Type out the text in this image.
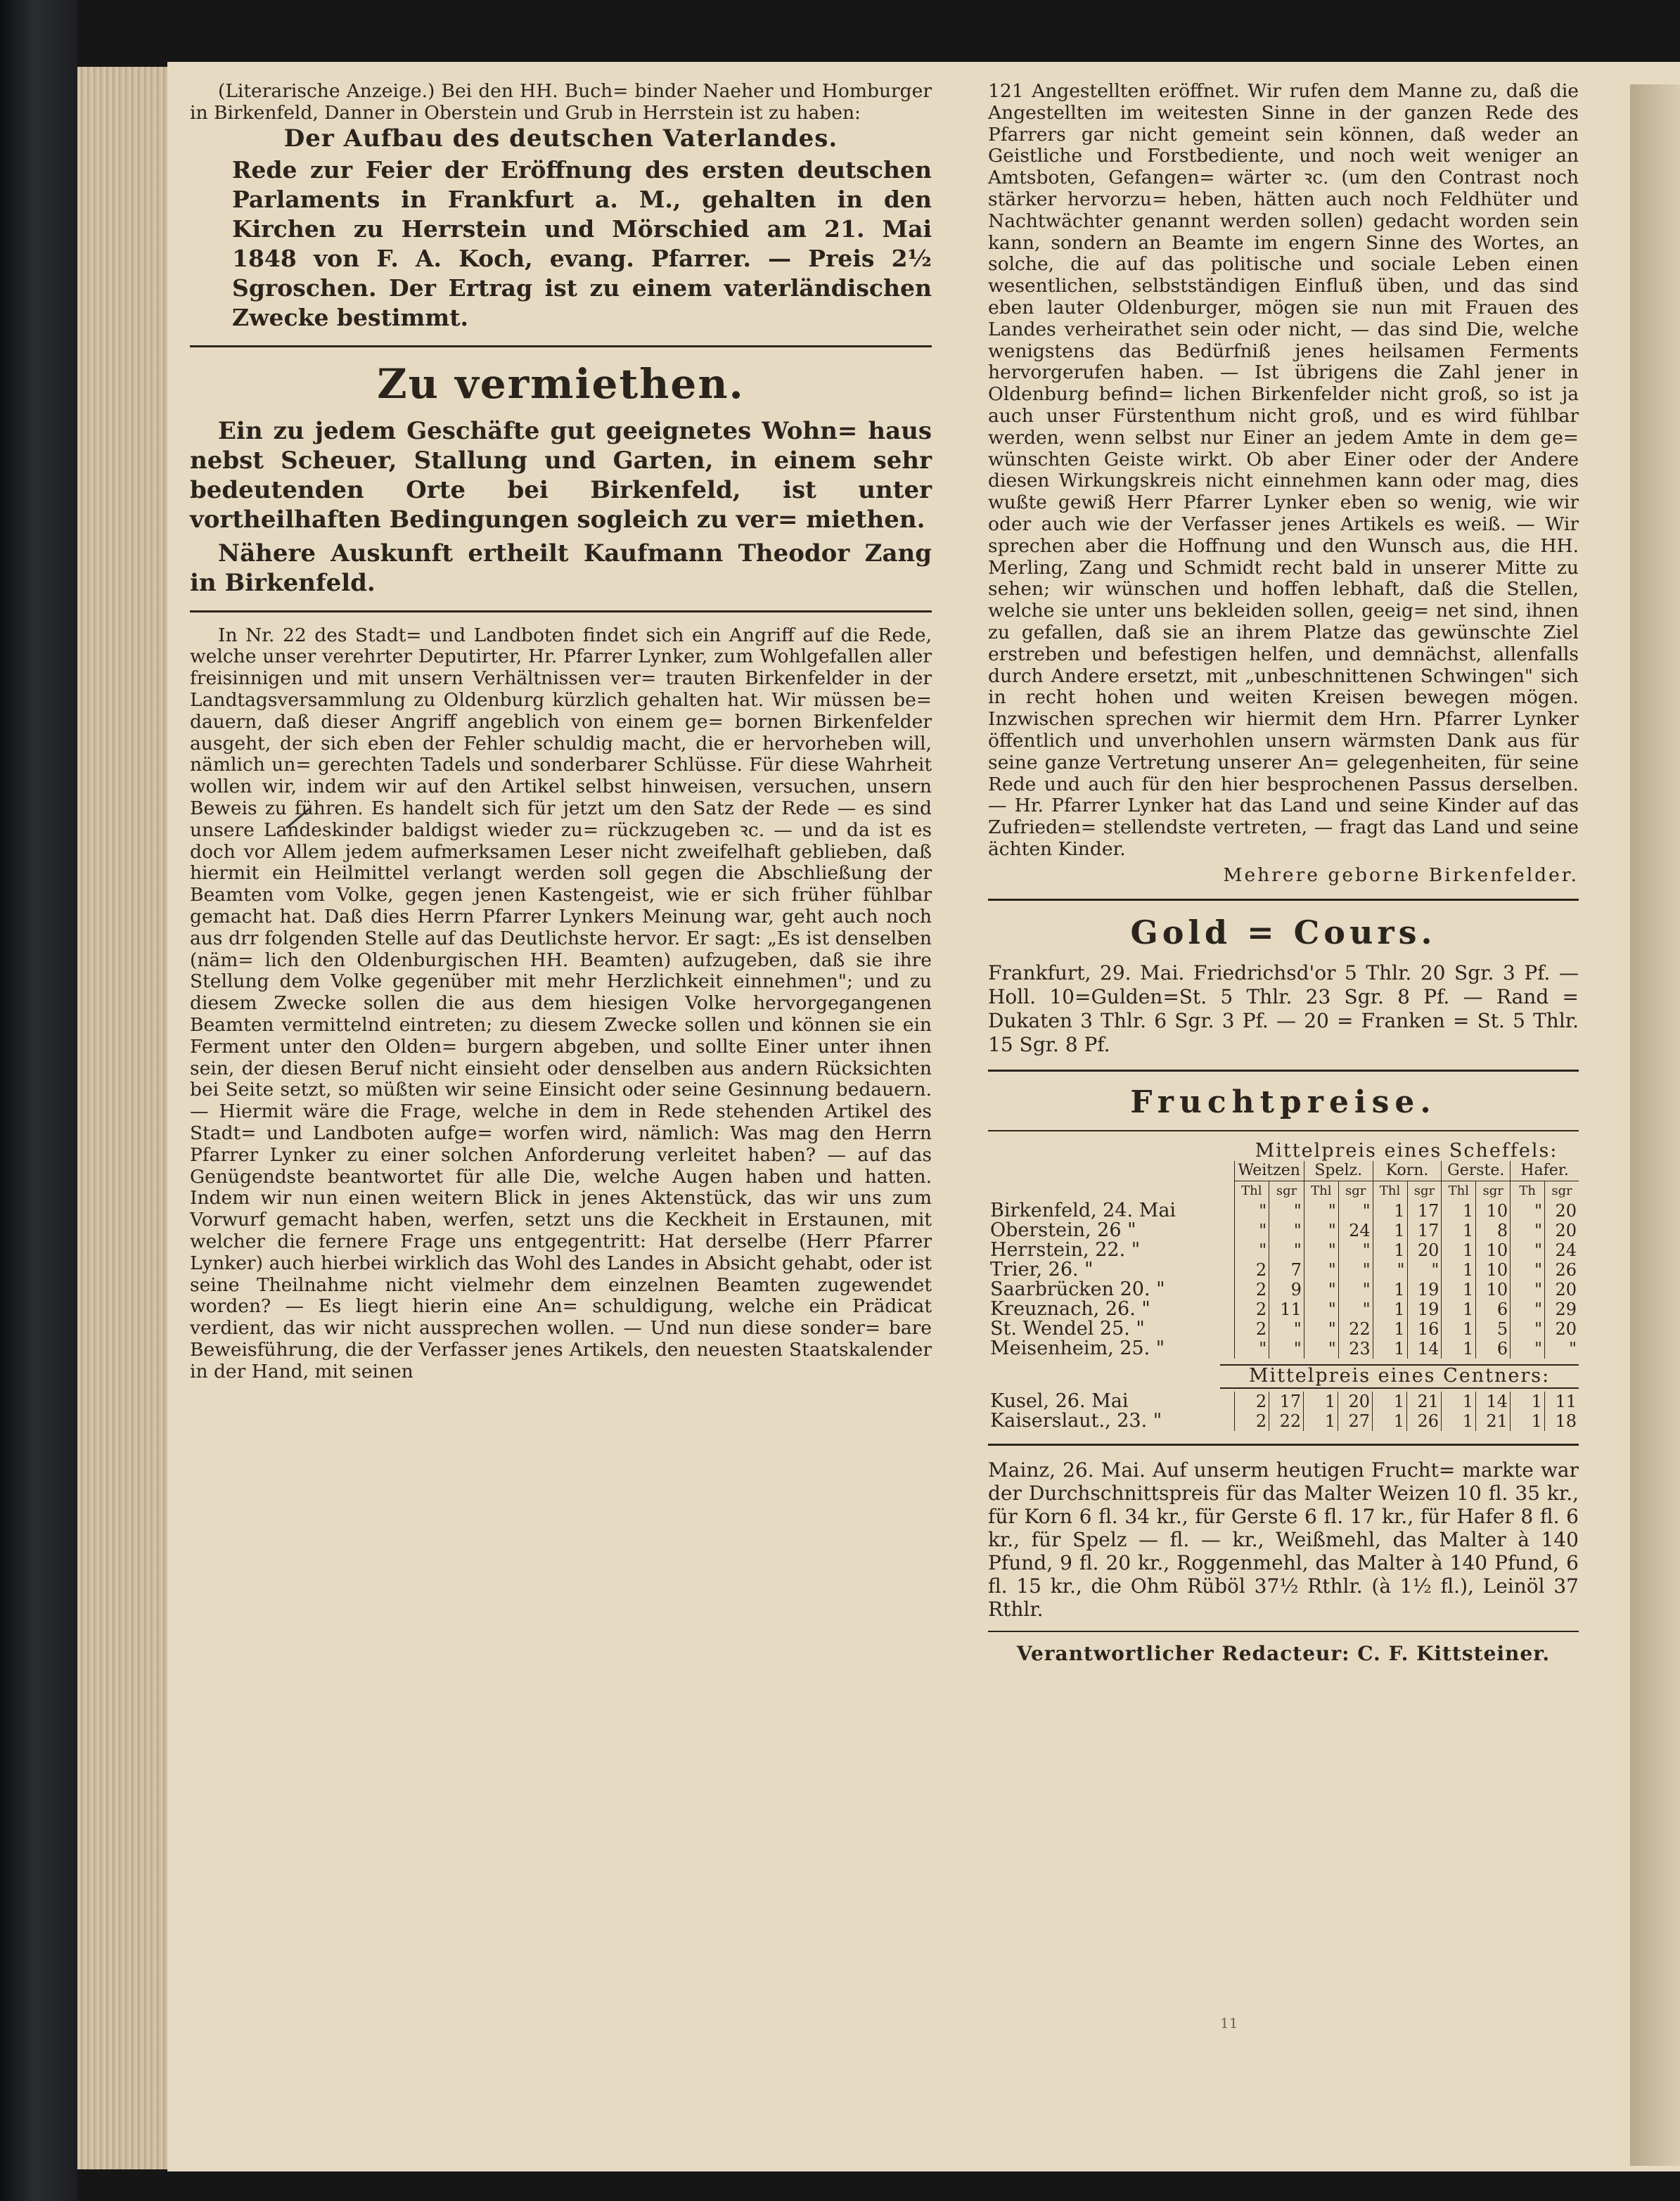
(Literarische Anzeige.) Bei den HH. Buch= binder Naeher und Homburger in Birkenfeld, Danner in Oberstein und Grub in Herrstein ist zu haben:
Der Aufbau des deutschen Vaterlandes.
Rede zur Feier der Eröffnung des ersten deutschen Parlaments in Frankfurt a. M., gehalten in den Kirchen zu Herrstein und Mörschied am 21. Mai 1848 von F. A. Koch, evang. Pfarrer. — Preis 2½ Sgroschen. Der Ertrag ist zu einem vaterländischen Zwecke bestimmt.
Zu vermiethen.
Ein zu jedem Geschäfte gut geeignetes Wohn= haus nebst Scheuer, Stallung und Garten, in einem sehr bedeutenden Orte bei Birkenfeld, ist unter vortheilhaften Bedingungen sogleich zu ver= miethen.
Nähere Auskunft ertheilt Kaufmann Theodor Zang in Birkenfeld.
In Nr. 22 des Stadt= und Landboten findet sich ein Angriff auf die Rede, welche unser verehrter Deputirter, Hr. Pfarrer Lynker, zum Wohlgefallen aller freisinnigen und mit unsern Verhältnissen ver= trauten Birkenfelder in der Landtagsversammlung zu Oldenburg kürzlich gehalten hat. Wir müssen be= dauern, daß dieser Angriff angeblich von einem ge= bornen Birkenfelder ausgeht, der sich eben der Fehler schuldig macht, die er hervorheben will, nämlich un= gerechten Tadels und sonderbarer Schlüsse. Für diese Wahrheit wollen wir, indem wir auf den Artikel selbst hinweisen, versuchen, unsern Beweis zu führen. Es handelt sich für jetzt um den Satz der Rede — es sind unsere Landeskinder baldigst wieder zu= rückzugeben ꝛc. — und da ist es doch vor Allem jedem aufmerksamen Leser nicht zweifelhaft geblieben, daß hiermit ein Heilmittel verlangt werden soll gegen die Abschließung der Beamten vom Volke, gegen jenen Kastengeist, wie er sich früher fühlbar gemacht hat. Daß dies Herrn Pfarrer Lynkers Meinung war, geht auch noch aus drr folgenden Stelle auf das Deutlichste hervor. Er sagt: „Es ist denselben (näm= lich den Oldenburgischen HH. Beamten) aufzugeben, daß sie ihre Stellung dem Volke gegenüber mit mehr Herzlichkeit einnehmen"; und zu diesem Zwecke sollen die aus dem hiesigen Volke hervorgegangenen Beamten vermittelnd eintreten; zu diesem Zwecke sollen und können sie ein Ferment unter den Olden= burgern abgeben, und sollte Einer unter ihnen sein, der diesen Beruf nicht einsieht oder denselben aus andern Rücksichten bei Seite setzt, so müßten wir seine Einsicht oder seine Gesinnung bedauern. — Hiermit wäre die Frage, welche in dem in Rede stehenden Artikel des Stadt= und Landboten aufge= worfen wird, nämlich: Was mag den Herrn Pfarrer Lynker zu einer solchen Anforderung verleitet haben? — auf das Genügendste beantwortet für alle Die, welche Augen haben und hatten. Indem wir nun einen weitern Blick in jenes Aktenstück, das wir uns zum Vorwurf gemacht haben, werfen, setzt uns die Keckheit in Erstaunen, mit welcher die fernere Frage uns entgegentritt: Hat derselbe (Herr Pfarrer Lynker) auch hierbei wirklich das Wohl des Landes in Absicht gehabt, oder ist seine Theilnahme nicht vielmehr dem einzelnen Beamten zugewendet worden? — Es liegt hierin eine An= schuldigung, welche ein Prädicat verdient, das wir nicht aussprechen wollen. — Und nun diese sonder= bare Beweisführung, die der Verfasser jenes Artikels, den neuesten Staatskalender in der Hand, mit seinen
121 Angestellten eröffnet. Wir rufen dem Manne zu, daß die Angestellten im weitesten Sinne in der ganzen Rede des Pfarrers gar nicht gemeint sein können, daß weder an Geistliche und Forstbediente, und noch weit weniger an Amtsboten, Gefangen= wärter ꝛc. (um den Contrast noch stärker hervorzu= heben, hätten auch noch Feldhüter und Nachtwächter genannt werden sollen) gedacht worden sein kann, sondern an Beamte im engern Sinne des Wortes, an solche, die auf das politische und sociale Leben einen wesentlichen, selbstständigen Einfluß üben, und das sind eben lauter Oldenburger, mögen sie nun mit Frauen des Landes verheirathet sein oder nicht, — das sind Die, welche wenigstens das Bedürfniß jenes heilsamen Ferments hervorgerufen haben. — Ist übrigens die Zahl jener in Oldenburg befind= lichen Birkenfelder nicht groß, so ist ja auch unser Fürstenthum nicht groß, und es wird fühlbar werden, wenn selbst nur Einer an jedem Amte in dem ge= wünschten Geiste wirkt. Ob aber Einer oder der Andere diesen Wirkungskreis nicht einnehmen kann oder mag, dies wußte gewiß Herr Pfarrer Lynker eben so wenig, wie wir oder auch wie der Verfasser jenes Artikels es weiß. — Wir sprechen aber die Hoffnung und den Wunsch aus, die HH. Merling, Zang und Schmidt recht bald in unserer Mitte zu sehen; wir wünschen und hoffen lebhaft, daß die Stellen, welche sie unter uns bekleiden sollen, geeig= net sind, ihnen zu gefallen, daß sie an ihrem Platze das gewünschte Ziel erstreben und befestigen helfen, und demnächst, allenfalls durch Andere ersetzt, mit „unbeschnittenen Schwingen" sich in recht hohen und weiten Kreisen bewegen mögen. Inzwischen sprechen wir hiermit dem Hrn. Pfarrer Lynker öffentlich und unverhohlen unsern wärmsten Dank aus für seine ganze Vertretung unserer An= gelegenheiten, für seine Rede und auch für den hier besprochenen Passus derselben. — Hr. Pfarrer Lynker hat das Land und seine Kinder auf das Zufrieden= stellendste vertreten, — fragt das Land und seine ächten Kinder.
Mehrere geborne Birkenfelder.
Gold = Cours.
Frankfurt, 29. Mai. Friedrichsd'or 5 Thlr. 20 Sgr. 3 Pf. — Holl. 10=Gulden=St. 5 Thlr. 23 Sgr. 8 Pf. — Rand = Dukaten 3 Thlr. 6 Sgr. 3 Pf. — 20 = Franken = St. 5 Thlr. 15 Sgr. 8 Pf.
Fruchtpreise.
	Mittelpreis eines Scheffels:									
	Weitzen		Spelz.		Korn.		Gerste.		Hafer.	
	Thl	sgr	Thl	sgr	Thl	sgr	Thl	sgr	Th	sgr
Birkenfeld, 24. Mai	"	"	"	"	1	17	1	10	"	20
Oberstein, 26 "	"	"	"	24	1	17	1	8	"	20
Herrstein, 22. "	"	"	"	"	1	20	1	10	"	24
Trier, 26. "	2	7	"	"	"	"	1	10	"	26
Saarbrücken 20. "	2	9	"	"	1	19	1	10	"	20
Kreuznach, 26. "	2	11	"	"	1	19	1	6	"	29
St. Wendel 25. "	2	"	"	22	1	16	1	5	"	20
Meisenheim, 25. "	"	"	"	23	1	14	1	6	"	"
Mittelpreis eines Centners:
Kusel, 26. Mai	2	17	1	20	1	21	1	14	1	11
Kaiserslaut., 23. "	2	22	1	27	1	26	1	21	1	18
Mainz, 26. Mai. Auf unserm heutigen Frucht= markte war der Durchschnittspreis für das Malter Weizen 10 fl. 35 kr., für Korn 6 fl. 34 kr., für Gerste 6 fl. 17 kr., für Hafer 8 fl. 6 kr., für Spelz — fl. — kr., Weißmehl, das Malter à 140 Pfund, 9 fl. 20 kr., Roggenmehl, das Malter à 140 Pfund, 6 fl. 15 kr., die Ohm Rüböl 37½ Rthlr. (à 1½ fl.), Leinöl 37 Rthlr.
Verantwortlicher Redacteur: C. F. Kittsteiner.
11
